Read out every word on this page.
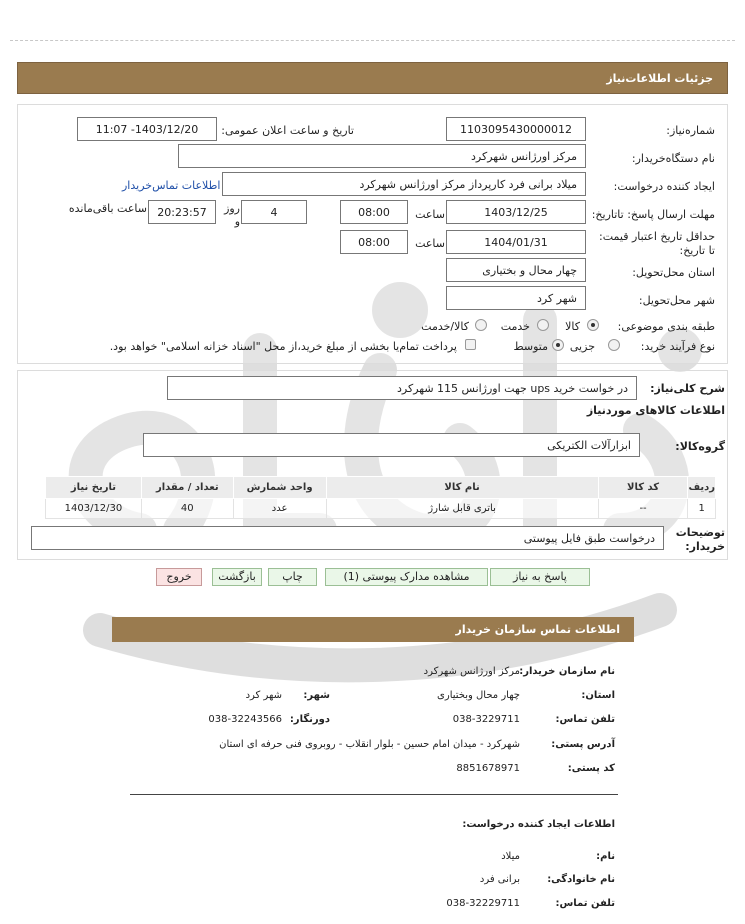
جزئیات اطلاعات‌نیاز
شماره‌نیاز:
1103095430000012
تاریخ و ساعت اعلان عمومی:
1403/12/20- 11:07
نام دستگاه‌خریدار:
مرکز اورژانس شهرکرد
ایجاد کننده درخواست:
میلاد برانی فرد کارپرداز مرکز اورژانس شهرکرد
اطلاعات تماس‌خریدار
مهلت ارسال پاسخ: تاتاریخ:
1403/12/25
ساعت
08:00
4
روز و
20:23:57
ساعت باقی‌مانده
حداقل تاریخ اعتبار قیمت: تا تاریخ:
1404/01/31
ساعت
08:00
استان محل‌تحویل:
چهار محال و بختیاری
شهر محل‌تحویل:
شهر کرد
طبقه بندی موضوعی:
کالا
خدمت
کالا/خدمت
نوع فرآیند خرید:
جزیی
متوسط
پرداخت تمام‌یا بخشی از مبلغ خرید،از محل "اسناد خزانه اسلامی" خواهد بود.
شرح کلی‌نیاز:
در خواست خرید ups جهت اورژانس 115 شهرکرد
اطلاعات کالاهای موردنیاز
گروه‌کالا:
ابزارآلات الکتریکی
ردیف	کد کالا	نام کالا	واحد شمارش	تعداد / مقدار	تاریخ نیاز
1	--	باتری قابل شارژ	عدد	40	1403/12/30
توضیحات خریدار:
درخواست طبق فایل پیوستی
پاسخ به نیاز
مشاهده مدارک پیوستی (1)
چاپ
بازگشت
خروج
اطلاعات تماس سازمان خریدار
نام سازمان خریدار:
مرکز اورژانس شهرکرد
استان:
چهار محال وبختیاری
شهر:
شهر کرد
تلفن تماس:
038-3229711
دورنگار:
038-32243566
آدرس پستی:
شهرکرد - میدان امام حسین - بلوار انقلاب - روبروی فنی حرفه ای استان
کد پستی:
8851678971
اطلاعات ایجاد کننده درخواست:
نام:
میلاد
نام خانوادگی:
برانی فرد
تلفن تماس:
038-32229711
